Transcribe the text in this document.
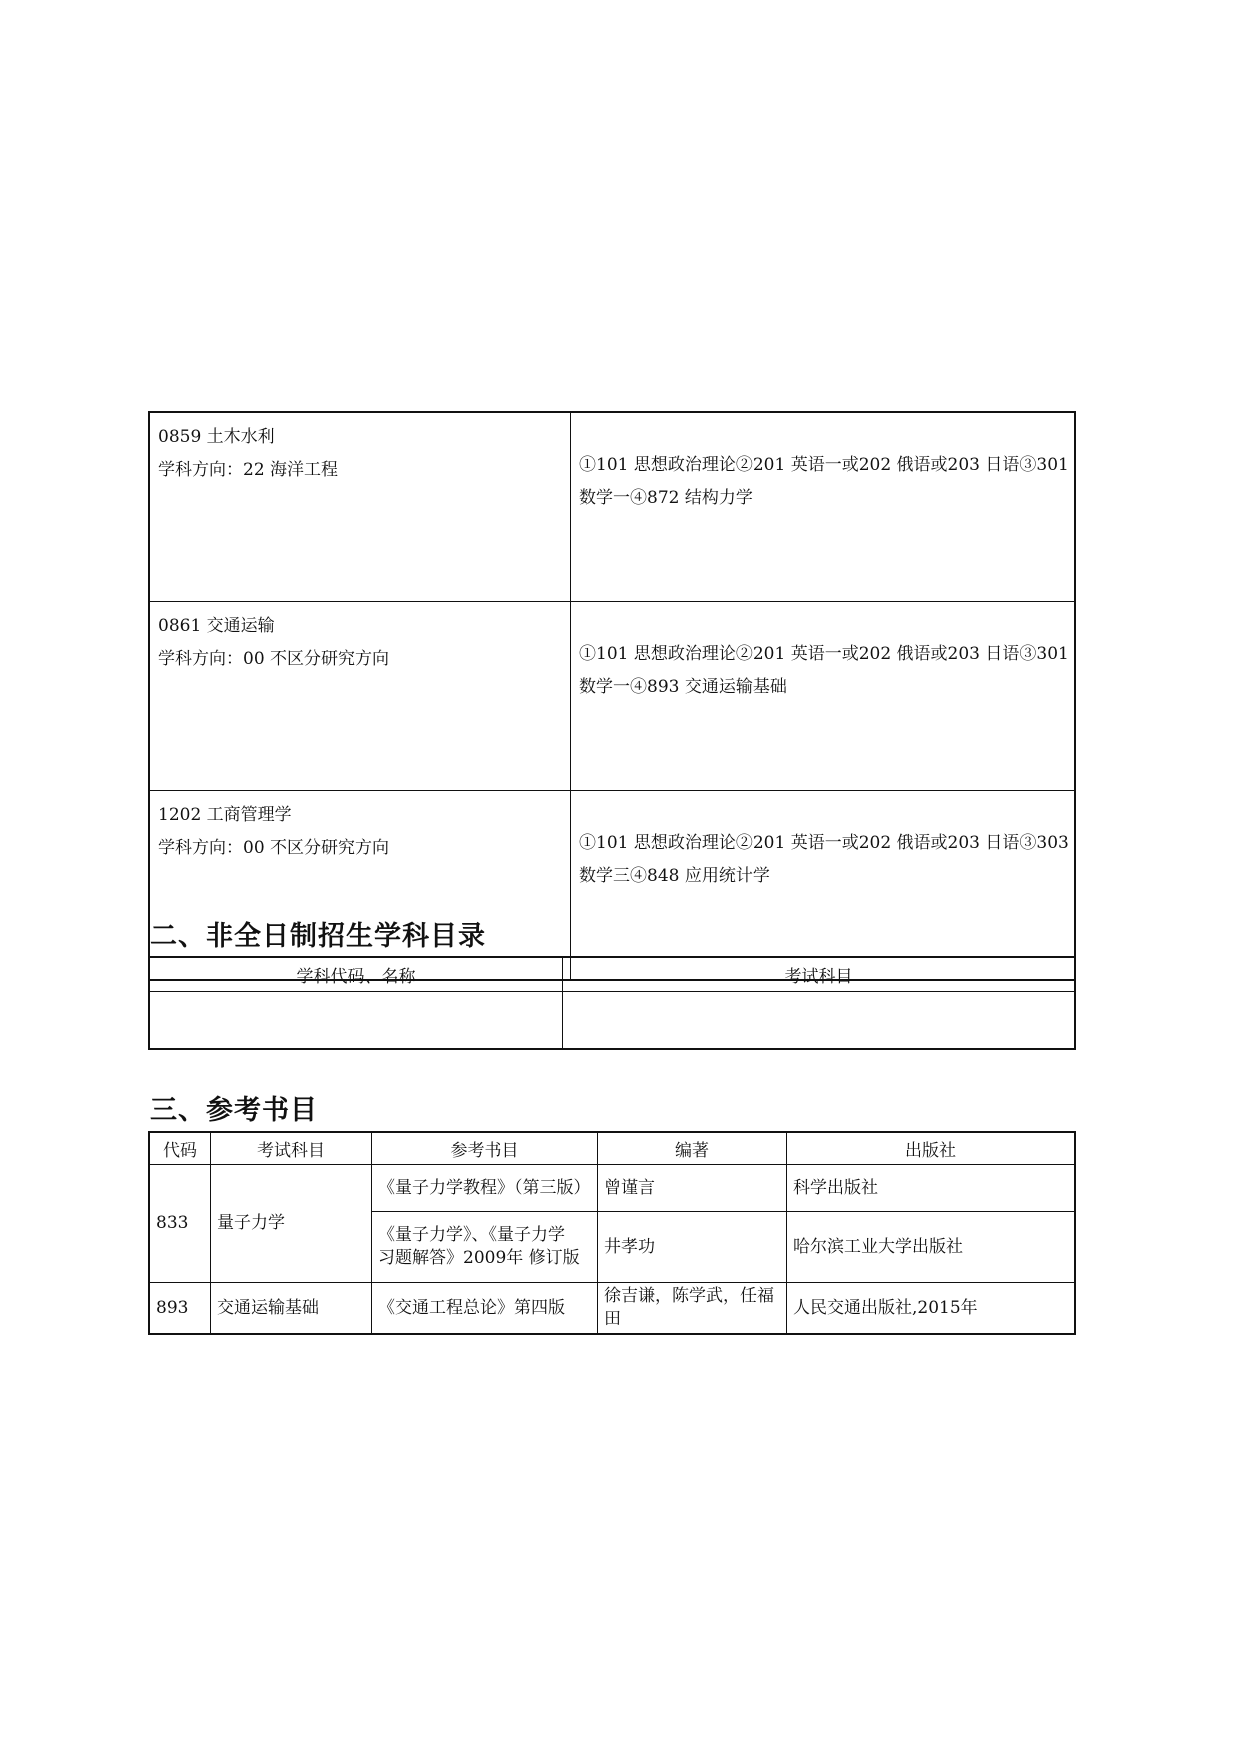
0859 土木水利
学科方向：22 海洋工程	①101 思想政治理论②201 英语一或202 俄语或203 日语③301
数学一④872 结构力学

0861 交通运输
学科方向：00 不区分研究方向	①101 思想政治理论②201 英语一或202 俄语或203 日语③301
数学一④893 交通运输基础

1202 工商管理学
学科方向：00 不区分研究方向	①101 思想政治理论②201 英语一或202 俄语或203 日语③303
数学三④848 应用统计学
二、非全日制招生学科目录
学科代码、名称	考试科目

三、参考书目
代码	考试科目	参考书目	编著	出版社
833	量子力学	《量子力学教程》（第三版）	曾谨言	科学出版社

		《量子力学》、《量子力学
习题解答》2009年 修订版	井孝功	哈尔滨工业大学出版社
893	交通运输基础	《交通工程总论》第四版	徐吉谦，陈学武，任福
田	人民交通出版社,2015年
